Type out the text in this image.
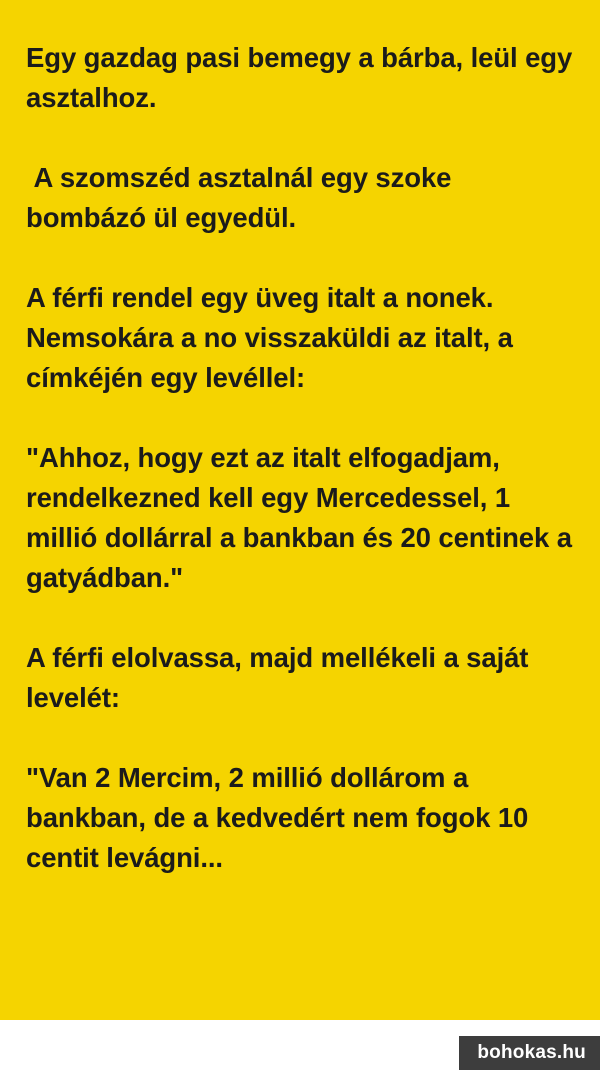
Egy gazdag pasi bemegy a bárba, leül egy asztalhoz.

A szomszéd asztalnál egy szoke bombázó ül egyedül.

A férfi rendel egy üveg italt a nonek. Nemsokára a no visszaküldi az italt, a címkéjén egy levéllel:

"Ahhoz, hogy ezt az italt elfogadjam, rendelkezned kell egy Mercedessel, 1 millió dollárral a bankban és 20 centinek a gatyádban."

A férfi elolvassa, majd mellékeli a saját levelét:

"Van 2 Mercim, 2 millió dollárom a bankban, de a kedvedért nem fogok 10 centit levágni...

bohokas.hu
